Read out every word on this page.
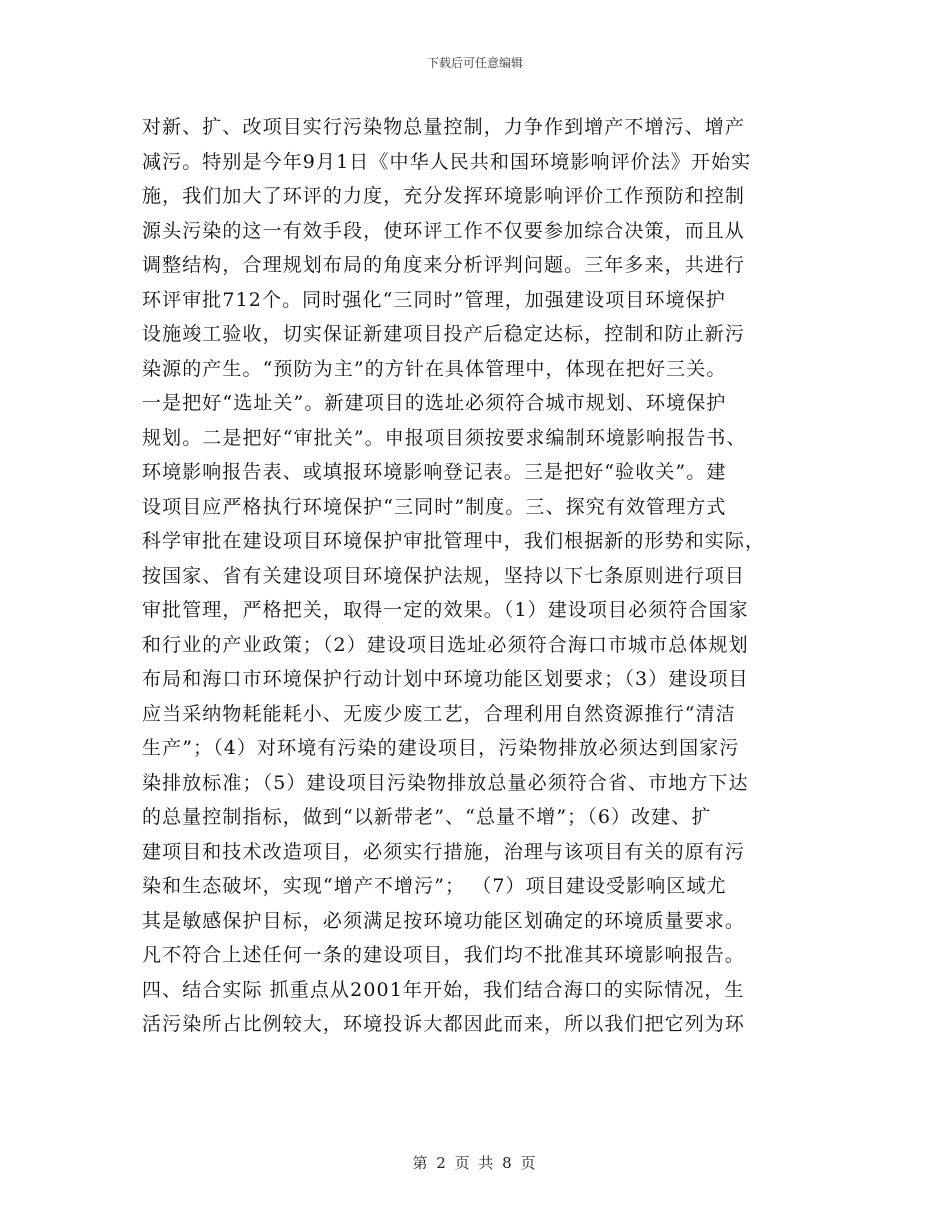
下载后可任意编辑
对新、扩、改项目实行污染物总量控制，力争作到增产不增污、增产
减污。特别是今年9月1日《中华人民共和国环境影响评价法》开始实
施，我们加大了环评的力度，充分发挥环境影响评价工作预防和控制
源头污染的这一有效手段，使环评工作不仅要参加综合决策，而且从
调整结构，合理规划布局的角度来分析评判问题。三年多来，共进行
环评审批712个。同时强化“三同时”管理，加强建设项目环境保护
设施竣工验收，切实保证新建项目投产后稳定达标，控制和防止新污
染源的产生。“预防为主”的方针在具体管理中，体现在把好三关。
一是把好“选址关”。新建项目的选址必须符合城市规划、环境保护
规划。二是把好“审批关”。申报项目须按要求编制环境影响报告书、
环境影响报告表、或填报环境影响登记表。三是把好“验收关”。建
设项目应严格执行环境保护“三同时”制度。三、探究有效管理方式
科学审批在建设项目环境保护审批管理中，我们根据新的形势和实际，
按国家、省有关建设项目环境保护法规，坚持以下七条原则进行项目
审批管理，严格把关，取得一定的效果。（1）建设项目必须符合国家
和行业的产业政策；（2）建设项目选址必须符合海口市城市总体规划
布局和海口市环境保护行动计划中环境功能区划要求；（3）建设项目
应当采纳物耗能耗小、无废少废工艺，合理利用自然资源推行“清洁
生产”；（4）对环境有污染的建设项目，污染物排放必须达到国家污
染排放标准；（5）建设项目污染物排放总量必须符合省、市地方下达
的总量控制指标，做到“以新带老”、“总量不增”；（6）改建、扩
建项目和技术改造项目，必须实行措施，治理与该项目有关的原有污
染和生态破坏，实现“增产不增污”； （7）项目建设受影响区域尤
其是敏感保护目标，必须满足按环境功能区划确定的环境质量要求。
凡不符合上述任何一条的建设项目，我们均不批准其环境影响报告。
四、结合实际 抓重点从2001年开始，我们结合海口的实际情况，生
活污染所占比例较大，环境投诉大都因此而来，所以我们把它列为环
第 2 页 共 8 页
